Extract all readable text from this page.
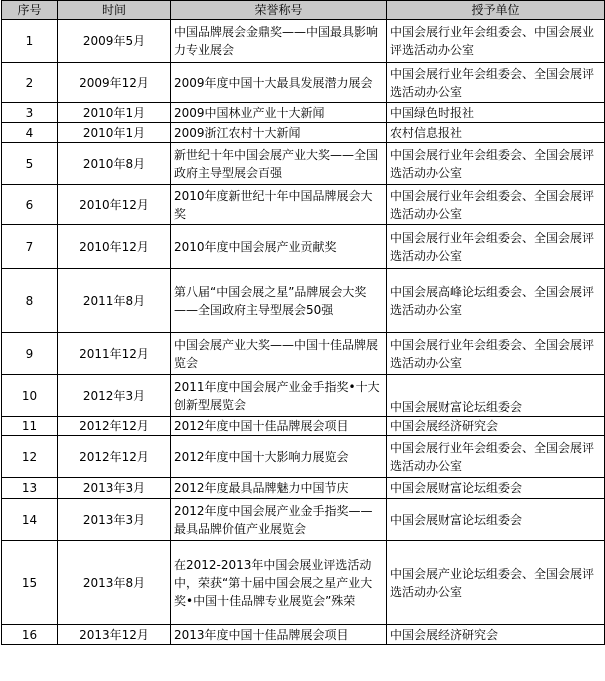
序号	时间	荣誉称号	授予单位
1	2009年5月	中国品牌展会金鼎奖——中国最具影响力专业展会	中国会展行业年会组委会、中国会展业评选活动办公室
2	2009年12月	2009年度中国十大最具发展潜力展会	中国会展行业年会组委会、全国会展评选活动办公室
3	2010年1月	2009中国林业产业十大新闻	中国绿色时报社
4	2010年1月	2009浙江农村十大新闻	农村信息报社
5	2010年8月	新世纪十年中国会展产业大奖——全国政府主导型展会百强	中国会展行业年会组委会、全国会展评选活动办公室
6	2010年12月	2010年度新世纪十年中国品牌展会大奖	中国会展行业年会组委会、全国会展评选活动办公室
7	2010年12月	2010年度中国会展产业贡献奖	中国会展行业年会组委会、全国会展评选活动办公室
8	2011年8月	第八届“中国会展之星”品牌展会大奖——全国政府主导型展会50强	中国会展高峰论坛组委会、全国会展评选活动办公室
9	2011年12月	中国会展产业大奖——中国十佳品牌展览会	中国会展行业年会组委会、全国会展评选活动办公室
10	2012年3月	2011年度中国会展产业金手指奖•十大创新型展览会	中国会展财富论坛组委会
11	2012年12月	2012年度中国十佳品牌展会项目	中国会展经济研究会
12	2012年12月	2012年度中国十大影响力展览会	中国会展行业年会组委会、全国会展评选活动办公室
13	2013年3月	2012年度最具品牌魅力中国节庆	中国会展财富论坛组委会
14	2013年3月	2012年度中国会展产业金手指奖——最具品牌价值产业展览会	中国会展财富论坛组委会
15	2013年8月	在2012-2013年中国会展业评选活动中，荣获“第十届中国会展之星产业大奖•中国十佳品牌专业展览会”殊荣	中国会展产业论坛组委会、全国会展评选活动办公室
16	2013年12月	2013年度中国十佳品牌展会项目	中国会展经济研究会
